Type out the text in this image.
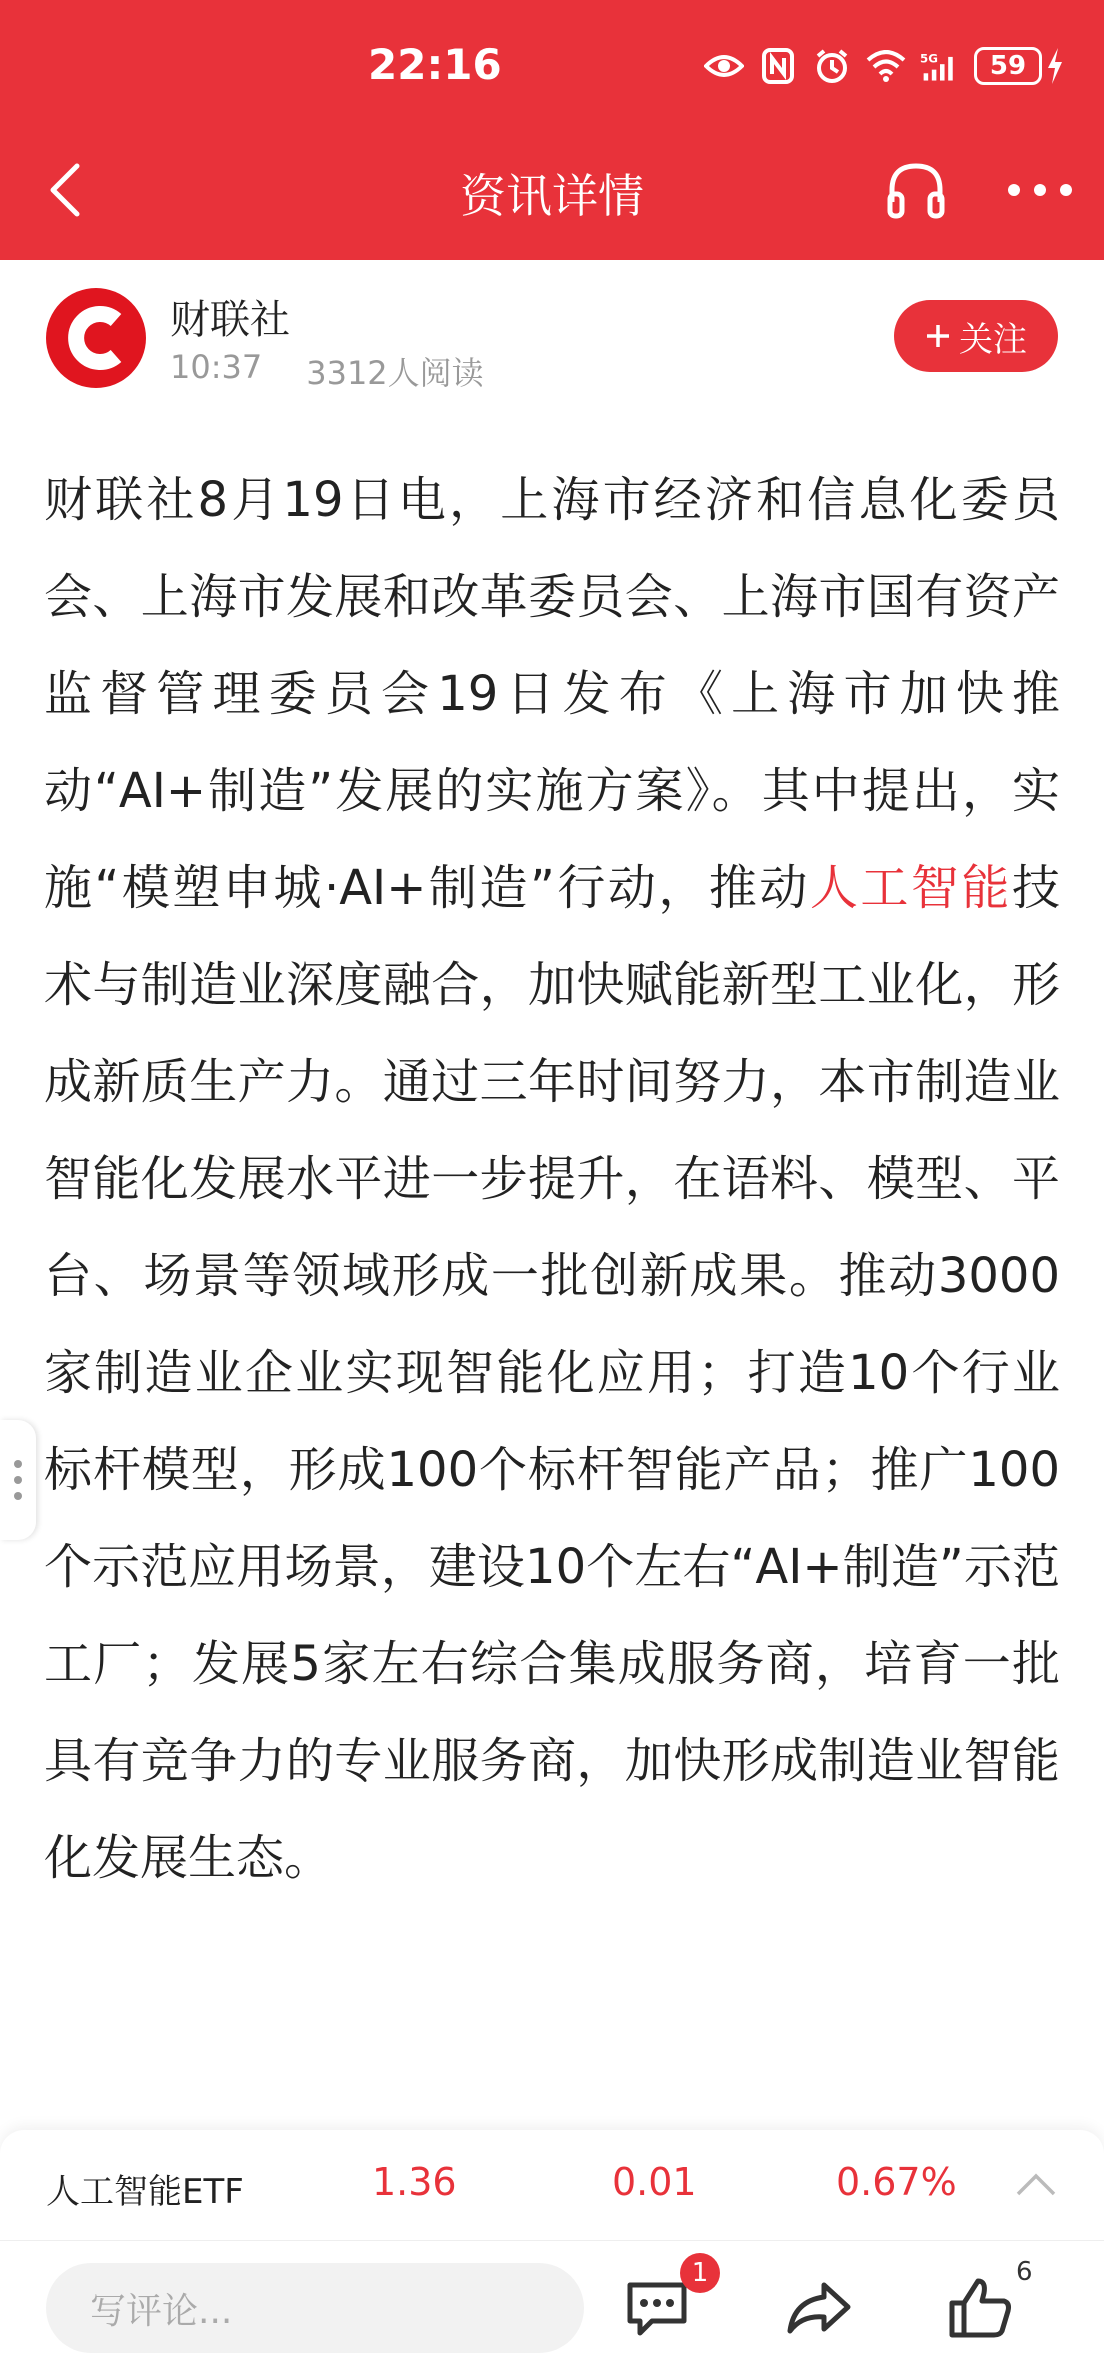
22:16	5G	59
资讯详情
财联社
10:37 3312人阅读
关注
财联社8月19日电，上海市经济和信息化委员会、上海市发展和改革委员会、上海市国有资产监督管理委员会19日发布《上海市加快推动“AI+制造”发展的实施方案》。其中提出，实施“模塑申城·AI+制造”行动，推动人工智能技术与制造业深度融合，加快赋能新型工业化，形成新质生产力。通过三年时间努力，本市制造业智能化发展水平进一步提升，在语料、模型、平台、场景等领域形成一批创新成果。推动3000家制造业企业实现智能化应用；打造10个行业标杆模型，形成100个标杆智能产品；推广100个示范应用场景，建设10个左右“AI+制造”示范工厂；发展5家左右综合集成服务商，培育一批具有竞争力的专业服务商，加快形成制造业智能化发展生态。
人工智能ETF	1.36	0.01	0.67%
写评论...
1	6
